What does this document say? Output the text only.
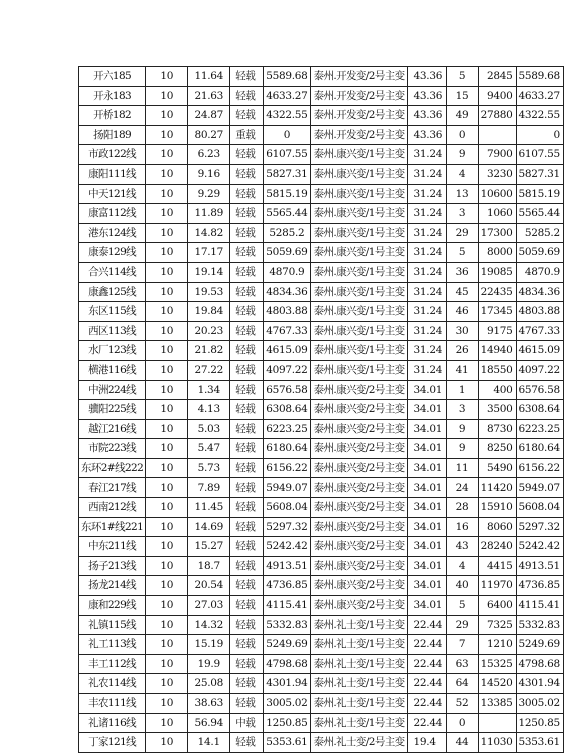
开六185	10	11.64	轻载	5589.68	泰州.开发变/2号主变	43.36	5	2845	5589.68
开永183	10	21.63	轻载	4633.27	泰州.开发变/2号主变	43.36	15	9400	4633.27
开桥182	10	24.87	轻载	4322.55	泰州.开发变/2号主变	43.36	49	27880	4322.55
扬阳189	10	80.27	重载	0	泰州.开发变/2号主变	43.36	0		0
市政122线	10	6.23	轻载	6107.55	泰州.康兴变/1号主变	31.24	9	7900	6107.55
康阳111线	10	9.16	轻载	5827.31	泰州.康兴变/1号主变	31.24	4	3230	5827.31
中天121线	10	9.29	轻载	5815.19	泰州.康兴变/1号主变	31.24	13	10600	5815.19
康富112线	10	11.89	轻载	5565.44	泰州.康兴变/1号主变	31.24	3	1060	5565.44
港东124线	10	14.82	轻载	5285.2	泰州.康兴变/1号主变	31.24	29	17300	5285.2
康泰129线	10	17.17	轻载	5059.69	泰州.康兴变/1号主变	31.24	5	8000	5059.69
合兴114线	10	19.14	轻载	4870.9	泰州.康兴变/1号主变	31.24	36	19085	4870.9
康鑫125线	10	19.53	轻载	4834.36	泰州.康兴变/1号主变	31.24	45	22435	4834.36
东区115线	10	19.84	轻载	4803.88	泰州.康兴变/1号主变	31.24	46	17345	4803.88
西区113线	10	20.23	轻载	4767.33	泰州.康兴变/1号主变	31.24	30	9175	4767.33
水厂123线	10	21.82	轻载	4615.09	泰州.康兴变/1号主变	31.24	26	14940	4615.09
横港116线	10	27.22	轻载	4097.22	泰州.康兴变/1号主变	31.24	41	18550	4097.22
中洲224线	10	1.34	轻载	6576.58	泰州.康兴变/2号主变	34.01	1	400	6576.58
骥阳225线	10	4.13	轻载	6308.64	泰州.康兴变/2号主变	34.01	3	3500	6308.64
越江216线	10	5.03	轻载	6223.25	泰州.康兴变/2号主变	34.01	9	8730	6223.25
市院223线	10	5.47	轻载	6180.64	泰州.康兴变/2号主变	34.01	9	8250	6180.64
东环2#线222	10	5.73	轻载	6156.22	泰州.康兴变/2号主变	34.01	11	5490	6156.22
春江217线	10	7.89	轻载	5949.07	泰州.康兴变/2号主变	34.01	24	11420	5949.07
西南212线	10	11.45	轻载	5608.04	泰州.康兴变/2号主变	34.01	28	15910	5608.04
东环1#线221	10	14.69	轻载	5297.32	泰州.康兴变/2号主变	34.01	16	8060	5297.32
中东211线	10	15.27	轻载	5242.42	泰州.康兴变/2号主变	34.01	43	28240	5242.42
扬子213线	10	18.7	轻载	4913.51	泰州.康兴变/2号主变	34.01	4	4415	4913.51
扬龙214线	10	20.54	轻载	4736.85	泰州.康兴变/2号主变	34.01	40	11970	4736.85
康和229线	10	27.03	轻载	4115.41	泰州.康兴变/2号主变	34.01	5	6400	4115.41
礼镇115线	10	14.32	轻载	5332.83	泰州.礼士变/1号主变	22.44	29	7325	5332.83
礼工113线	10	15.19	轻载	5249.69	泰州.礼士变/1号主变	22.44	7	1210	5249.69
丰工112线	10	19.9	轻载	4798.68	泰州.礼士变/1号主变	22.44	63	15325	4798.68
礼农114线	10	25.08	轻载	4301.94	泰州.礼士变/1号主变	22.44	64	14520	4301.94
丰农111线	10	38.63	轻载	3005.02	泰州.礼士变/1号主变	22.44	52	13385	3005.02
礼诸116线	10	56.94	中载	1250.85	泰州.礼士变/1号主变	22.44	0		1250.85
丁家121线	10	14.1	轻载	5353.61	泰州.礼士变/2号主变	19.4	44	11030	5353.61
